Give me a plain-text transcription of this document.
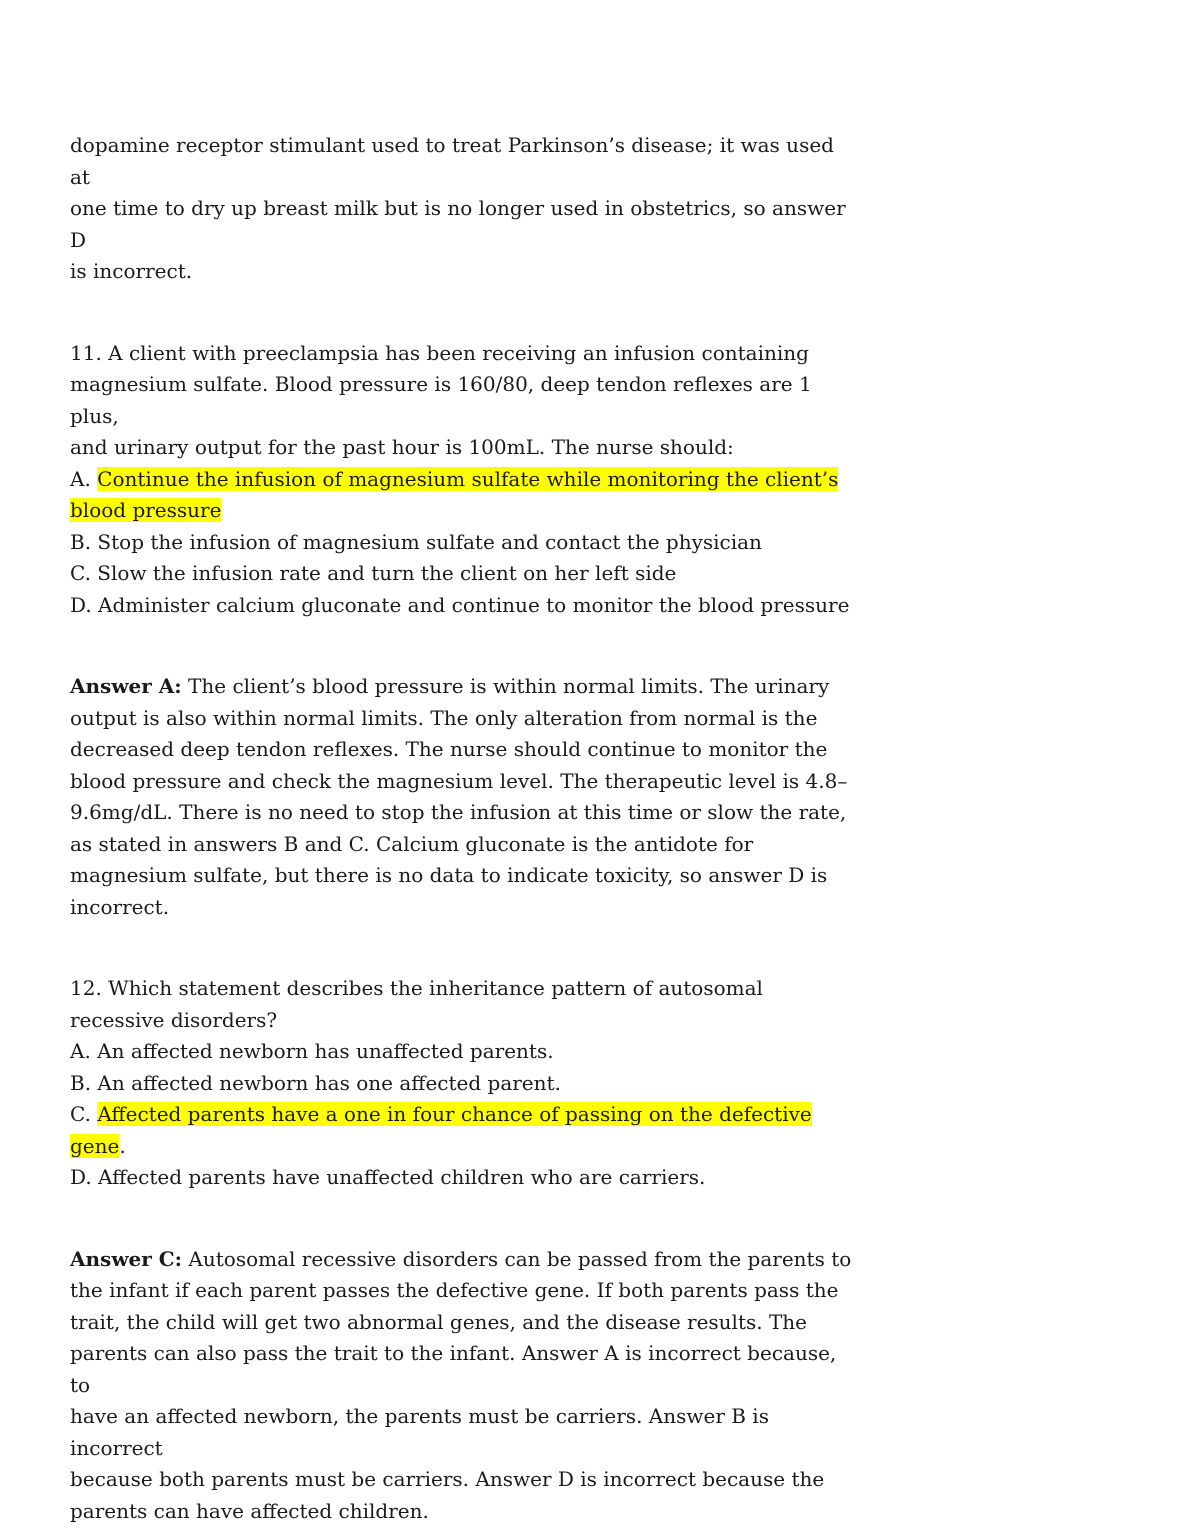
dopamine receptor stimulant used to treat Parkinson’s disease; it was used at
one time to dry up breast milk but is no longer used in obstetrics, so answer D
is incorrect.
11. A client with preeclampsia has been receiving an infusion containing
magnesium sulfate. Blood pressure is 160/80, deep tendon reflexes are 1 plus,
and urinary output for the past hour is 100mL. The nurse should:
A. Continue the infusion of magnesium sulfate while monitoring the client’s
blood pressure
B. Stop the infusion of magnesium sulfate and contact the physician
C. Slow the infusion rate and turn the client on her left side
D. Administer calcium gluconate and continue to monitor the blood pressure
Answer A: The client’s blood pressure is within normal limits. The urinary
output is also within normal limits. The only alteration from normal is the
decreased deep tendon reflexes. The nurse should continue to monitor the
blood pressure and check the magnesium level. The therapeutic level is 4.8–
9.6mg/dL. There is no need to stop the infusion at this time or slow the rate,
as stated in answers B and C. Calcium gluconate is the antidote for
magnesium sulfate, but there is no data to indicate toxicity, so answer D is
incorrect.
12. Which statement describes the inheritance pattern of autosomal
recessive disorders?
A. An affected newborn has unaffected parents.
B. An affected newborn has one affected parent.
C. Affected parents have a one in four chance of passing on the defective
gene.
D. Affected parents have unaffected children who are carriers.
Answer C: Autosomal recessive disorders can be passed from the parents to
the infant if each parent passes the defective gene. If both parents pass the
trait, the child will get two abnormal genes, and the disease results. The
parents can also pass the trait to the infant. Answer A is incorrect because, to
have an affected newborn, the parents must be carriers. Answer B is incorrect
because both parents must be carriers. Answer D is incorrect because the
parents can have affected children.
